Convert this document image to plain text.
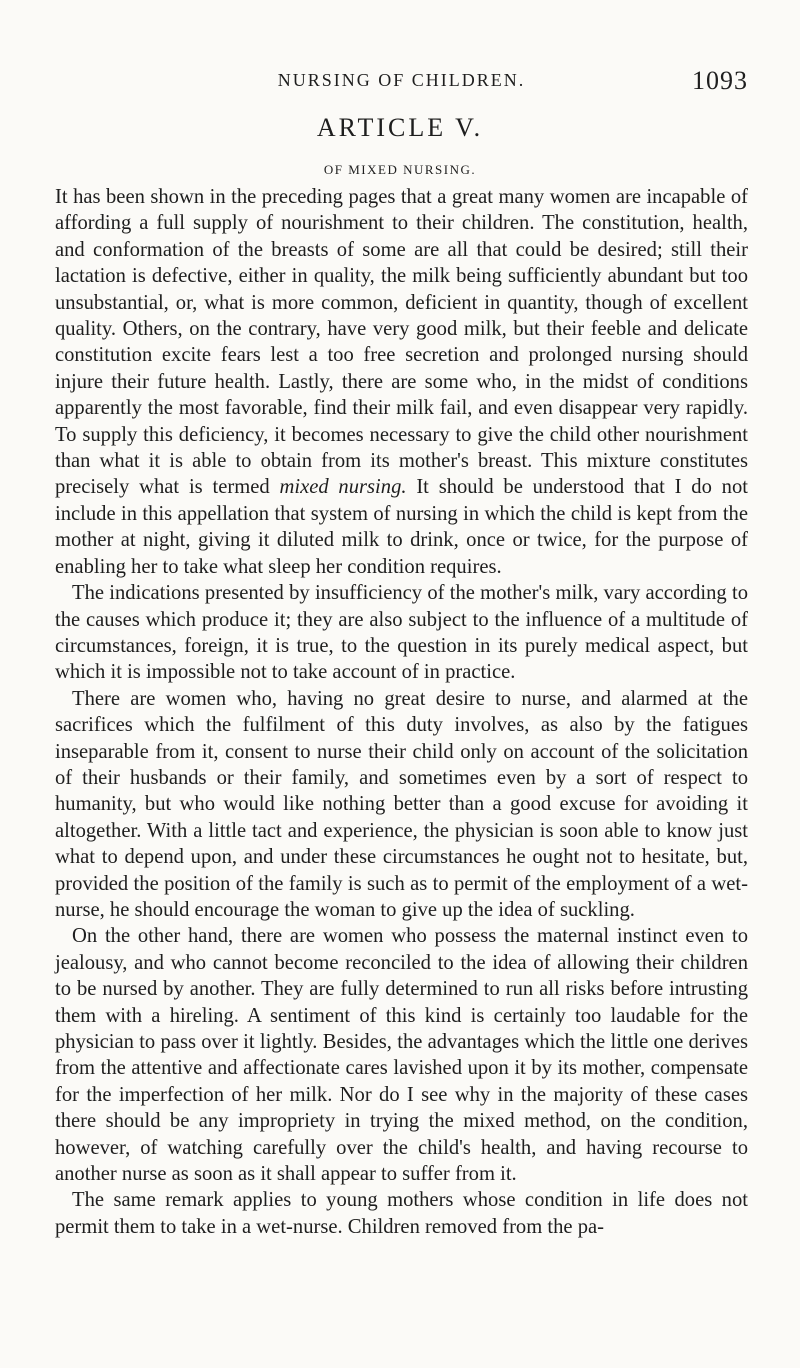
NURSING OF CHILDREN.	1093
ARTICLE V.
OF MIXED NURSING.

It has been shown in the preceding pages that a great many women are incapable of affording a full supply of nourishment to their children. The constitution, health, and conformation of the breasts of some are all that could be desired; still their lactation is defective, either in quality, the milk being sufficiently abundant but too unsubstantial, or, what is more common, deficient in quantity, though of excellent quality. Others, on the contrary, have very good milk, but their feeble and delicate constitution excite fears lest a too free secretion and prolonged nursing should injure their future health. Lastly, there are some who, in the midst of conditions apparently the most favorable, find their milk fail, and even disappear very rapidly. To supply this deficiency, it becomes necessary to give the child other nourishment than what it is able to obtain from its mother's breast. This mixture constitutes precisely what is termed mixed nursing. It should be understood that I do not include in this appellation that system of nursing in which the child is kept from the mother at night, giving it diluted milk to drink, once or twice, for the purpose of enabling her to take what sleep her condition requires.

The indications presented by insufficiency of the mother's milk, vary according to the causes which produce it; they are also subject to the influence of a multitude of circumstances, foreign, it is true, to the question in its purely medical aspect, but which it is impossible not to take account of in practice.

There are women who, having no great desire to nurse, and alarmed at the sacrifices which the fulfilment of this duty involves, as also by the fatigues inseparable from it, consent to nurse their child only on account of the solicitation of their husbands or their family, and sometimes even by a sort of respect to humanity, but who would like nothing better than a good excuse for avoiding it altogether. With a little tact and experience, the physician is soon able to know just what to depend upon, and under these circumstances he ought not to hesitate, but, provided the position of the family is such as to permit of the employment of a wet-nurse, he should encourage the woman to give up the idea of suckling.

On the other hand, there are women who possess the maternal instinct even to jealousy, and who cannot become reconciled to the idea of allowing their children to be nursed by another. They are fully determined to run all risks before intrusting them with a hireling. A sentiment of this kind is certainly too laudable for the physician to pass over it lightly. Besides, the advantages which the little one derives from the attentive and affectionate cares lavished upon it by its mother, compensate for the imperfection of her milk. Nor do I see why in the majority of these cases there should be any impropriety in trying the mixed method, on the condition, however, of watching carefully over the child's health, and having recourse to another nurse as soon as it shall appear to suffer from it.

The same remark applies to young mothers whose condition in life does not permit them to take in a wet-nurse. Children removed from the pa-
